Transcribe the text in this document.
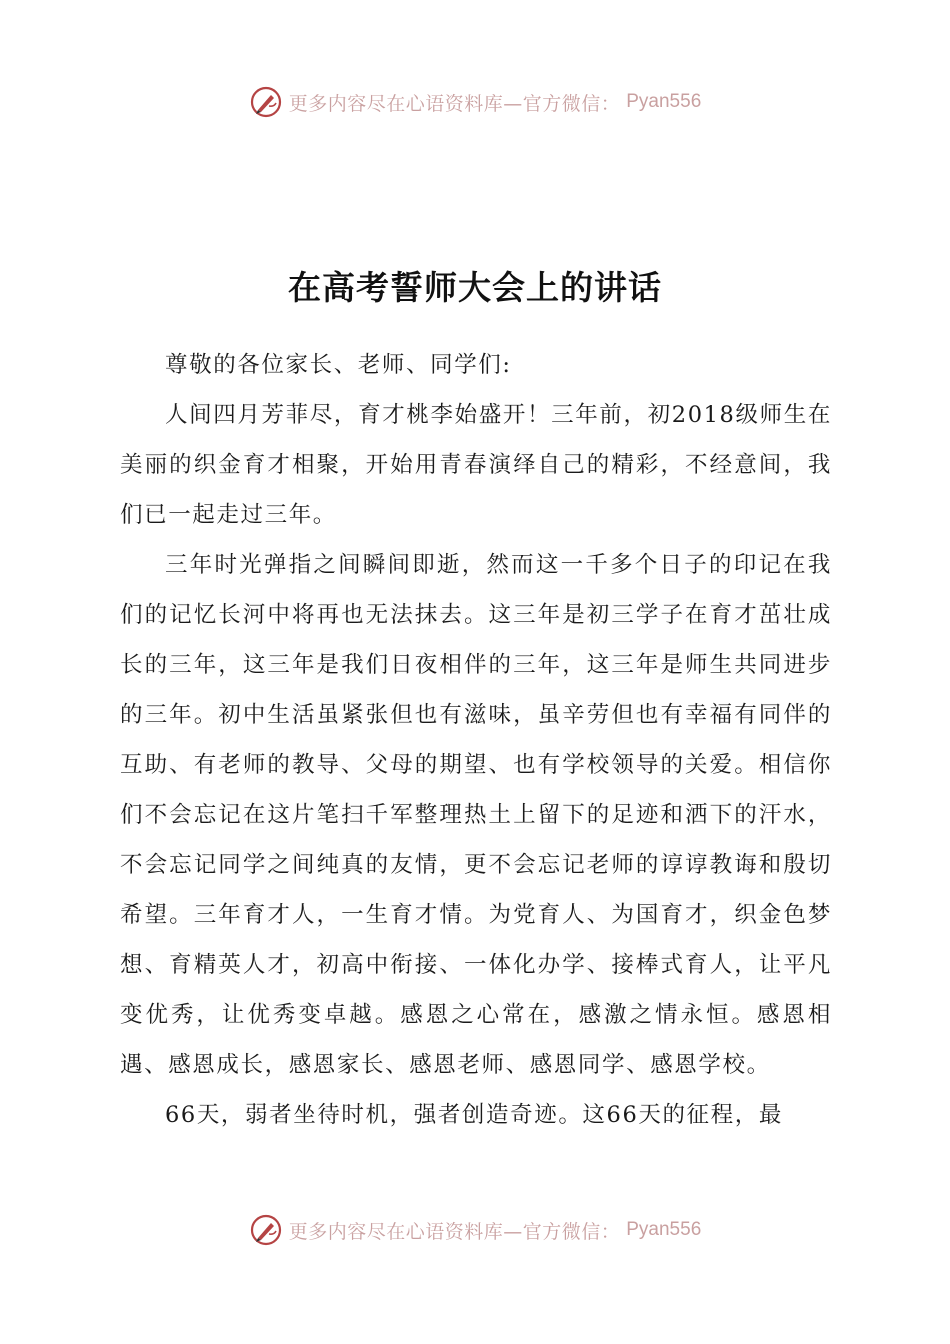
更多内容尽在心语资料库—官方微信： Pyan556
在高考誓师大会上的讲话

尊敬的各位家长、老师、同学们:

人间四月芳菲尽，育才桃李始盛开！三年前，初2018级师生在美丽的织金育才相聚，开始用青春演绎自己的精彩，不经意间，我们已一起走过三年。

三年时光弹指之间瞬间即逝，然而这一千多个日子的印记在我们的记忆长河中将再也无法抹去。这三年是初三学子在育才茁壮成长的三年，这三年是我们日夜相伴的三年，这三年是师生共同进步的三年。初中生活虽紧张但也有滋味，虽辛劳但也有幸福有同伴的互助、有老师的教导、父母的期望、也有学校领导的关爱。相信你们不会忘记在这片笔扫千军整理热土上留下的足迹和洒下的汗水，不会忘记同学之间纯真的友情，更不会忘记老师的谆谆教诲和殷切希望。三年育才人，一生育才情。为党育人、为国育才，织金色梦想、育精英人才，初高中衔接、一体化办学、接棒式育人，让平凡变优秀，让优秀变卓越。感恩之心常在，感激之情永恒。感恩相遇、感恩成长，感恩家长、感恩老师、感恩同学、感恩学校。

66天，弱者坐待时机，强者创造奇迹。这66天的征程，最

更多内容尽在心语资料库—官方微信： Pyan556
